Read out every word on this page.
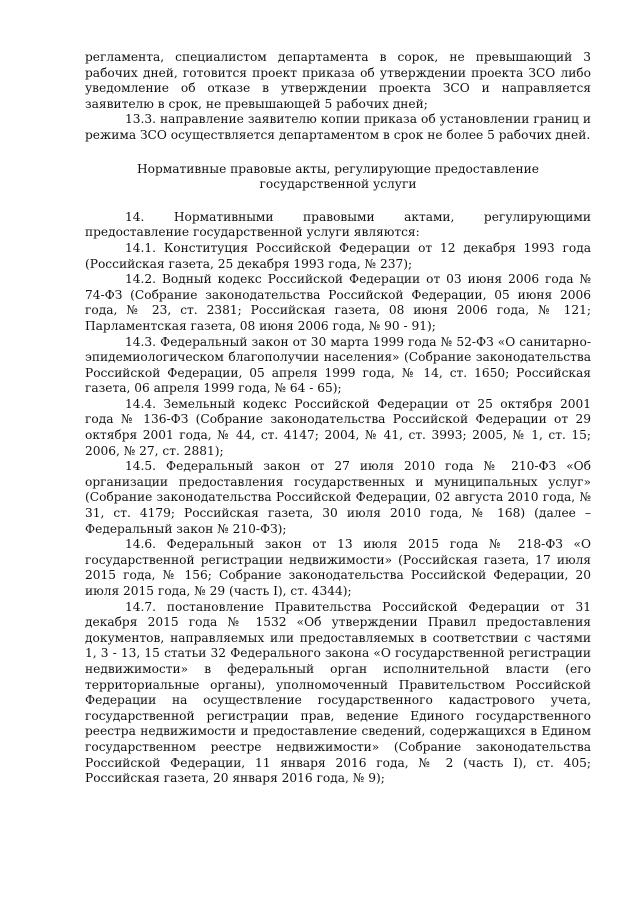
регламента, специалистом департамента в сорок, не превышающий 3 рабочих дней, готовится проект приказа об утверждении проекта ЗСО либо уведомление об отказе в утверждении проекта ЗСО и направляется заявителю в срок, не превышающей 5 рабочих дней;

13.3. направление заявителю копии приказа об установлении границ и режима ЗСО осуществляется департаментом в срок не более 5 рабочих дней.

Нормативные правовые акты, регулирующие предоставление
государственной услуги

14. Нормативными правовыми актами, регулирующими предоставление государственной услуги являются:

14.1. Конституция Российской Федерации от 12 декабря 1993 года (Российская газета, 25 декабря 1993 года, № 237);

14.2. Водный кодекс Российской Федерации от 03 июня 2006 года № 74-ФЗ (Собрание законодательства Российской Федерации, 05 июня 2006 года, № 23, ст. 2381; Российская газета, 08 июня 2006 года, № 121; Парламентская газета, 08 июня 2006 года, № 90 - 91);

14.3. Федеральный закон от 30 марта 1999 года № 52-ФЗ «О санитарно-эпидемиологическом благополучии населения» (Собрание законодательства Российской Федерации, 05 апреля 1999 года, № 14, ст. 1650; Российская газета, 06 апреля 1999 года, № 64 - 65);

14.4. Земельный кодекс Российской Федерации от 25 октября 2001 года № 136-ФЗ (Собрание законодательства Российской Федерации от 29 октября 2001 года, № 44, ст. 4147; 2004, № 41, ст. 3993; 2005, № 1, ст. 15; 2006, № 27, ст. 2881);

14.5. Федеральный закон от 27 июля 2010 года № 210-ФЗ «Об организации предоставления государственных и муниципальных услуг» (Собрание законодательства Российской Федерации, 02 августа 2010 года, № 31, ст. 4179; Российская газета, 30 июля 2010 года, № 168) (далее – Федеральный закон № 210-ФЗ);

14.6. Федеральный закон от 13 июля 2015 года № 218-ФЗ «О государственной регистрации недвижимости» (Российская газета, 17 июля 2015 года, № 156; Собрание законодательства Российской Федерации, 20 июля 2015 года, № 29 (часть I), ст. 4344);

14.7. постановление Правительства Российской Федерации от 31 декабря 2015 года № 1532 «Об утверждении Правил предоставления документов, направляемых или предоставляемых в соответствии с частями 1, 3 - 13, 15 статьи 32 Федерального закона «О государственной регистрации недвижимости» в федеральный орган исполнительной власти (его территориальные органы), уполномоченный Правительством Российской Федерации на осуществление государственного кадастрового учета, государственной регистрации прав, ведение Единого государственного реестра недвижимости и предоставление сведений, содержащихся в Едином государственном реестре недвижимости» (Собрание законодательства Российской Федерации, 11 января 2016 года, № 2 (часть I), ст. 405; Российская газета, 20 января 2016 года, № 9);
